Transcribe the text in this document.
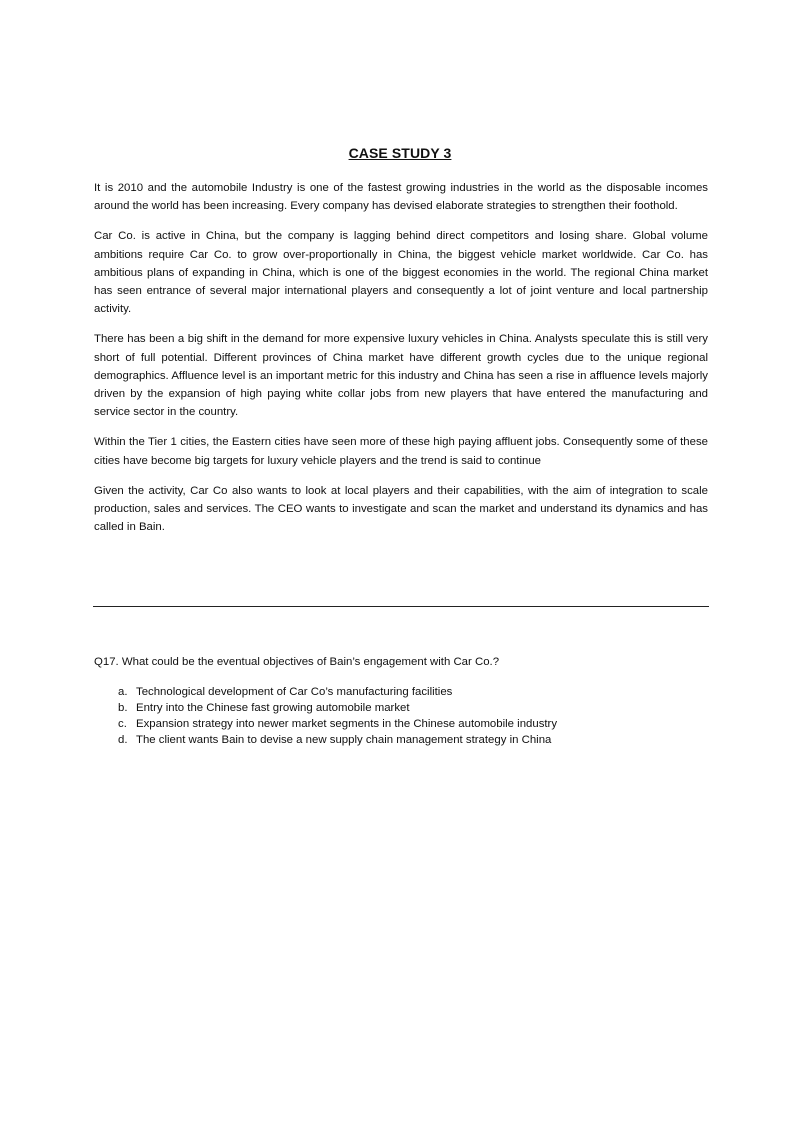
CASE STUDY 3

It is 2010 and the automobile Industry is one of the fastest growing industries in the world as the disposable incomes around the world has been increasing. Every company has devised elaborate strategies to strengthen their foothold.

Car Co. is active in China, but the company is lagging behind direct competitors and losing share. Global volume ambitions require Car Co. to grow over-proportionally in China, the biggest vehicle market worldwide. Car Co. has ambitious plans of expanding in China, which is one of the biggest economies in the world. The regional China market has seen entrance of several major international players and consequently a lot of joint venture and local partnership activity.

There has been a big shift in the demand for more expensive luxury vehicles in China. Analysts speculate this is still very short of full potential. Different provinces of China market have different growth cycles due to the unique regional demographics. Affluence level is an important metric for this industry and China has seen a rise in affluence levels majorly driven by the expansion of high paying white collar jobs from new players that have entered the manufacturing and service sector in the country.

Within the Tier 1 cities, the Eastern cities have seen more of these high paying affluent jobs. Consequently some of these cities have become big targets for luxury vehicle players and the trend is said to continue

Given the activity, Car Co also wants to look at local players and their capabilities, with the aim of integration to scale production, sales and services. The CEO wants to investigate and scan the market and understand its dynamics and has called in Bain.

Q17. What could be the eventual objectives of Bain’s engagement with Car Co.?
a. Technological development of Car Co’s manufacturing facilities
b. Entry into the Chinese fast growing automobile market
c. Expansion strategy into newer market segments in the Chinese automobile industry
d. The client wants Bain to devise a new supply chain management strategy in China
